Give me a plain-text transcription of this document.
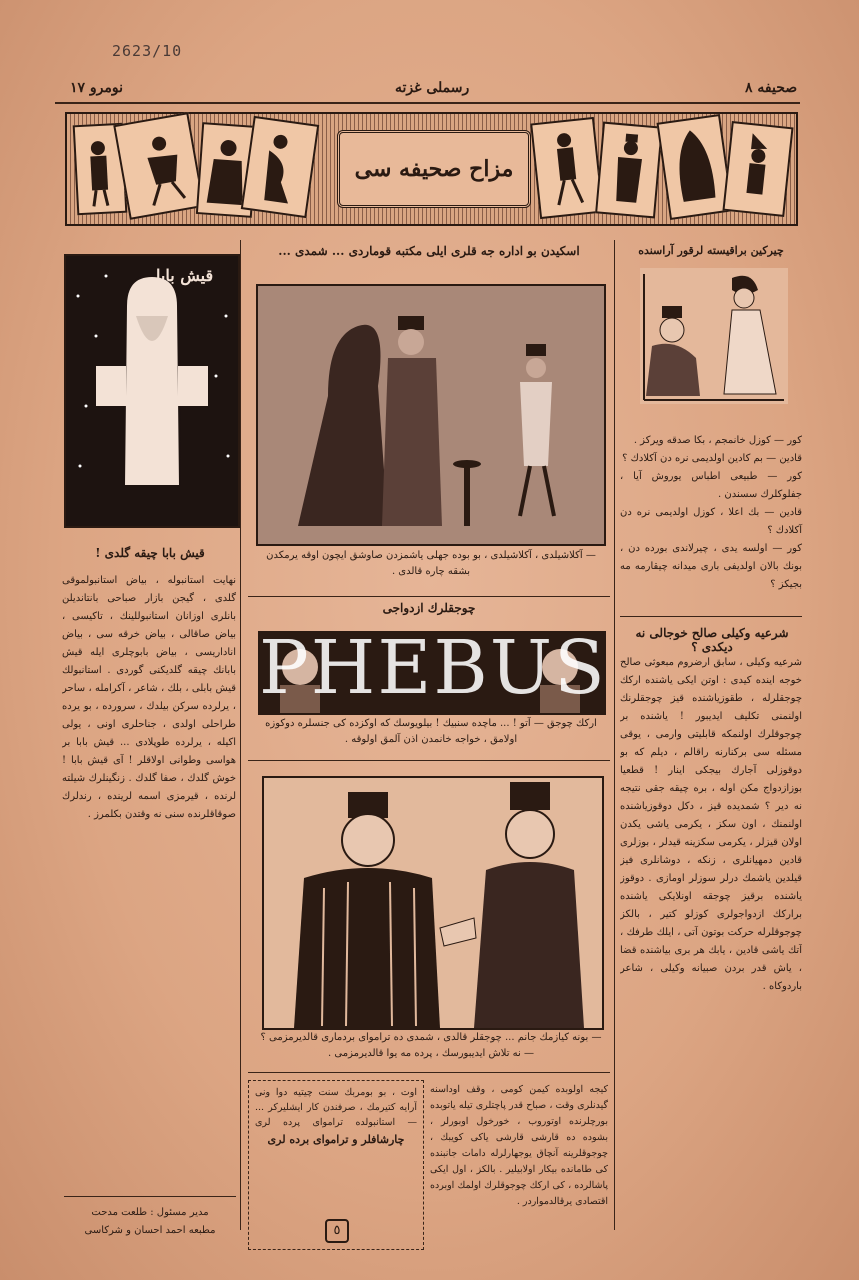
2623/10
نومرو ١٧	رسملى غزته	صحيفه ٨
مزاح صحيفه سى
قيش بابا
قيش بابا چيقه گلدى !
نهايت استانبوله ، بياض استانبولموقى گلدى ، گيجن بازار صباحى بانتانديلن بانلرى اوزانان استانبوللينك ، تاكيسى ، بياض صاقالى ، بياض خرقه سى ، بياض اناداريسى ، بياض بابوچلرى ايله قيش بابانك چيقه گلديكنى گوردى . استانبولك قيش بابلى ، بلك ، شاعر ، آكرامله ، ساحر ، يرلرده سركن بيلدك ، سرورده ، بو يرده طراحلى اولدى ، جناحلرى اونى ، يولى اكيله ، يرلرده طوپلادى ... قيش بابا بر هواسى وطوانى اولاقلر ! آى قيش بابا ! خوش گلدك ، صفا گلدك . زنگينلرك شيلته لرنده ، قيرمزى اسمه لرينده ، رندلرك صوقاقلرنده سنى نه وقتدن بكلمرز .
مدير مسئول : طلعت مدحت
مطبعه احمد احسان و شركاسى
اسكيدن بو اداره جه قلرى ايلى مكتبه قوماردى ... شمدى ...
— آكلاشيلدى ، آكلاشيلدى ، بو بوده جهلى ياشمزدن صاوشق ايچون اوقه يرمكدن بشقه چاره قالدى .
چوجقلرك ازدواجى
ارکك چوجق — آتو ! ... ماچده سنبيك ! بيلويوسك كه اوكزده كى جنسلره دوكوزه اولامق ، خواجه خانمدن اذن آلمق اولوقه .
— بونه كيازمك جانم ... چوجقلر قالدى ، شمدى ده ترامواى بردمارى قالديرمزمى ؟
— نه تلاش ايديبورسك ، پرده مه يوا قالديرمزمى .
چارشافلر و ترامواى برده لرى
اوت ، بو بومربك سنت چيتيه دوا ونى آرايه كتيرمك ، صرفندن كار ايشليركر ... — استانبولده ترامواى پرده لرى
٥
كيجه اولوبده كيمن كومى ، وقف اوداسنه گيدنلرى وقت ، صباح قدر پاچتلرى تيله ياتوبده بورچلرنده اوتوروب ، خورخول اوبورلر ، بشوده ده قارشى قارشى ياكى كويبك ، چوجوقلرينه آنچاق يوجهارلرله دامات جانبنده كى طامانده بيكار اولابيلير . بالكز ، اول ايكى پاشالرده ، كى اركك چوجوقلرك اولمك اوبرده اقتصادى يرقالدمواردر .
چيركين براقيسته لرقور آراسنده
كور — كوزل خانمجم ، بكا صدقه ويركز .
قادين — بم كادين اولديمى نره دن آكلادك ؟
كور — طبيعى اطباس يوروش آيا ، جفلوكلرك سسندن .
قادين — بك اعلا ، كوزل اولديمى نره دن آكلادك ؟
كور — اولسه يدى ، چيرلاندى بورده دن ، بونك بالان اولديفى بارى ميدانه چيقارمه مه بجيكز ؟
شرعيه وكيلى صالح خوجالى نه ديكدى ؟
شرعيه وكيلى ، سابق ارضروم مبعوثى صالح خوجه اينده كيدى : اوتن ايكى ياشنده اركك چوجقلرله ، طقوزياشنده قيز چوجقلرنك اولنمنى تكليف ايديبور ! ياشنده بر چوجوقلرك اولنمكه قابليتى وارمى ، يوقى مسئله سى بركنارنه راقالم ، ديلم كه بو دوقوزلى آجارك بيجكى اينار ! قطعيا بوزازدواج مكن اوله ، بره چيقه جقى نتيجه نه دير ؟ شمديده قيز ، دكل دوقوزياشنده اولنمنك ، اون سكز ، يكرمى ياشى يكدن اولان قيزلر ، يكرمى سكزينه قيدلر ، بوزلرى قادين دمهيانلرى ، زنكه ، دوشانلرى فيز قيلدين ياشمك درلر سوزلر اومازى . دوقوز ياشنده برقيز چوجقه اونلايكى ياشنده براركك ازدواجولرى كوزلو كتير ، بالكز چوجوقلرله حركت بوتون آتى ، ايلك طرفك ، آتك ياشى قادين ، يابك هر برى بياشنده قضا ، ياش قدر بردن صبيانه وكيلى ، شاعر باردوكاه .
PHEBUS
